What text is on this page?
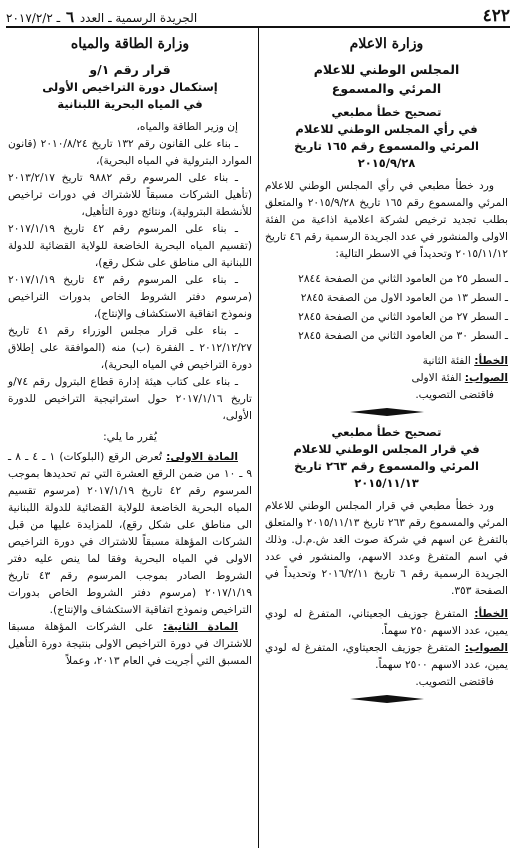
٤٢٢
الجريدة الرسمية ـ العدد ٦ ـ ٢٠١٧/٢/٢
وزارة الاعلام
المجلس الوطني للاعلام
المرئي والمسموع
تصحيح خطأ مطبعي
في رأي المجلس الوطني للاعلام
المرئي والمسموع رقم ١٦٥ تاريخ ٢٠١٥/٩/٢٨

ورد خطأ مطبعي في رأي المجلس الوطني للاعلام المرئي والمسموع رقم ١٦٥ تاريخ ٢٠١٥/٩/٢٨ والمتعلق بطلب تجديد ترخيص لشركة اعلامية اذاعية من الفئة الاولى والمنشور في عدد الجريدة الرسمية رقم ٤٦ تاريخ ٢٠١٥/١١/١٢ وتحديداً في الاسطر التالية:

ـ السطر ٢٥ من العامود الثاني من الصفحة ٢٨٤٤
ـ السطر ١٣ من العامود الاول من الصفحة ٢٨٤٥
ـ السطر ٢٧ من العامود الثاني من الصفحة ٢٨٤٥
ـ السطر ٣٠ من العامود الثاني من الصفحة ٢٨٤٥

الخطأ: الفئة الثانية

الصواب: الفئة الاولى

فاقتضى التصويب.

تصحيح خطأ مطبعي
في قرار المجلس الوطني للاعلام
المرئي والمسموع رقم ٢٦٣ تاريخ ٢٠١٥/١١/١٣

ورد خطأ مطبعي في قرار المجلس الوطني للاعلام المرئي والمسموع رقم ٢٦٣ تاريخ ٢٠١٥/١١/١٣ والمتعلق بالتفرغ عن اسهم في شركة صوت الغد ش.م.ل. وذلك في اسم المتفرغ وعدد الاسهم، والمنشور في عدد الجريدة الرسمية رقم ٦ تاريخ ٢٠١٦/٢/١١ وتحديداً في الصفحة ٣٥٣.

الخطأ: المتفرغ جوزيف الجعيتاني، المتفرغ له لودي يمين، عدد الاسهم ٢٥٠ سهماً.

الصواب: المتفرغ جوزيف الجعيتاوي، المتفرغ له لودي يمين، عدد الاسهم ٢٥٠٠ سهماً.

فاقتضى التصويب.

وزارة الطاقة والمياه
قرار رقم ١/و
إستكمال دورة التراخيص الأولى
في المياه البحرية اللبنانية

إن وزير الطاقة والمياه،

ـ بناء على القانون رقم ١٣٢ تاريخ ٢٠١٠/٨/٢٤ (قانون الموارد البترولية في المياه البحرية)،

ـ بناء على المرسوم رقم ٩٨٨٢ تاريخ ٢٠١٣/٢/١٧ (تأهيل الشركات مسبقاً للاشتراك في دورات تراخيص للأنشطة البترولية)، ونتائج دورة التأهيل،

ـ بناء على المرسوم رقم ٤٢ تاريخ ٢٠١٧/١/١٩ (تقسيم المياه البحرية الخاضعة للولاية القضائية للدولة اللبنانية الى مناطق على شكل رقع)،

ـ بناء على المرسوم رقم ٤٣ تاريخ ٢٠١٧/١/١٩ (مرسوم دفتر الشروط الخاص بدورات التراخيص ونموذج اتفاقية الاستكشاف والإنتاج)،

ـ بناء على قرار مجلس الوزراء رقم ٤١ تاريخ ٢٠١٢/١٢/٢٧ ـ الفقرة (ب) منه (الموافقة على إطلاق دورة التراخيص في المياه البحرية)،

ـ بناء على كتاب هيئة إدارة قطاع البترول رقم ٧٤/و تاريخ ٢٠١٧/١/١٦ حول استراتيجية التراخيص للدورة الأولى،

يُقرر ما يلي:

المادة الاولى: تُعرض الرقع (البلوكات) ١ ـ ٤ ـ ٨ ـ ٩ ـ ١٠ من ضمن الرقع العشرة التي تم تحديدها بموجب المرسوم رقم ٤٢ تاريخ ٢٠١٧/١/١٩ (مرسوم تقسيم المياه البحرية الخاضعة للولاية القضائية للدولة اللبنانية الى مناطق على شكل رقع)، للمزايدة عليها من قبل الشركات المؤهلة مسبقاً للاشتراك في دورة التراخيص الاولى في المياه البحرية وفقا لما ينص عليه دفتر الشروط الصادر بموجب المرسوم رقم ٤٣ تاريخ ٢٠١٧/١/١٩ (مرسوم دفتر الشروط الخاص بدورات التراخيص ونموذج اتفاقية الاستكشاف والإنتاج).

المادة الثانية: على الشركات المؤهلة مسبقا للاشتراك في دورة التراخيص الاولى بنتيجة دورة التأهيل المسبق التي أجريت في العام ٢٠١٣، وعملاً
